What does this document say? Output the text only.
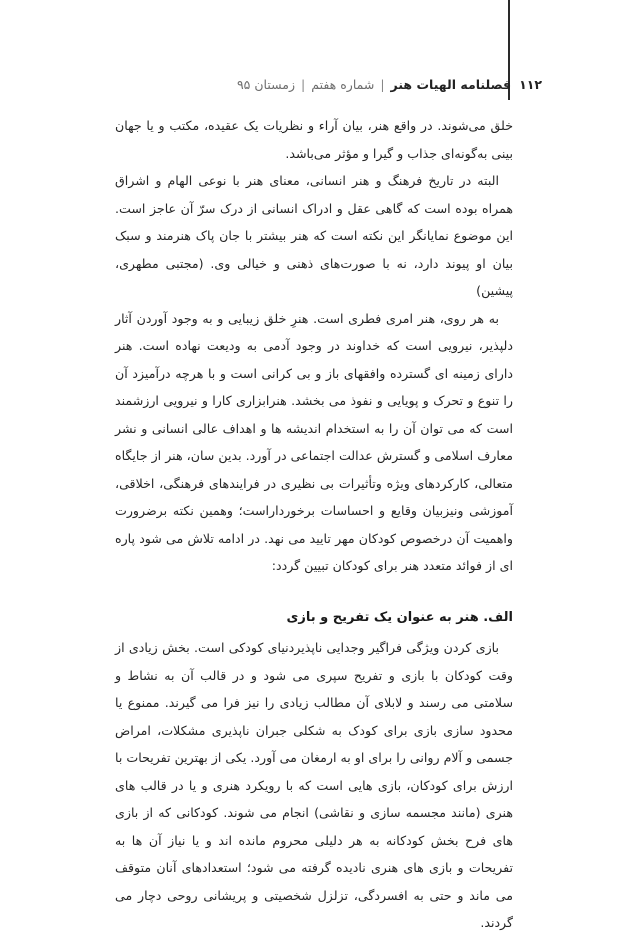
۱۱۲فصلنامه الهیات هنر|شماره هفتم|زمستان ۹۵

خلق می‌شوند. در واقع هنر، بیان آراء و نظریات یک عقیده، مکتب و یا جهان بینی به‌گونه‌ای جذاب و گیرا و مؤثر می‌باشد.

البته در تاریخ فرهنگ و هنر انسانی، معنای هنر با نوعی الهام و اشراق همراه بوده است که گاهی عقل و ادراک انسانی از درک سرّ آن عاجز است. این موضوع نمایانگر این نکته است که هنر بیشتر با جان پاک هنرمند و سبک بیان او پیوند دارد، نه با صورت‌های ذهنی و خیالی وی. (مجتبی مطهری، پیشین)

به هر روی، هنر امری فطری است. هنرِ خلق زیبایی و به وجود آوردن آثار دلپذیر، نیرویی است که خداوند در وجود آدمی به ودیعت نهاده است. هنر دارای زمینه ای گسترده وافقهای باز و بی کرانی است و با هرچه درآمیزد آن را تنوع و تحرک و پویایی و نفوذ می بخشد. هنرابزاری کارا و نیرویی ارزشمند است که می توان آن را به استخدام اندیشه ها و اهداف عالی انسانی و نشر معارف اسلامی و گسترش عدالت اجتماعی در آورد. بدین سان، هنر از جایگاه متعالی، کارکردهای ویژه وتأثیرات بی نظیری در فرایندهای فرهنگی، اخلاقی، آموزشی ونیزبیان وقایع و احساسات برخورداراست؛ وهمین نکته برضرورت واهمیت آن درخصوص کودکان مهر تایید می نهد. در ادامه تلاش می شود پاره ای از فوائد متعدد هنر برای کودکان تبیین گردد:

الف. هنر به عنوان یک تفریح و بازی

بازی کردن ویژگی فراگیر وجدایی ناپذیردنیای کودکی است. بخش زیادی از وقت کودکان با بازی و تفریح سپری می شود و در قالب آن به نشاط و سلامتی می رسند و لابلای آن مطالب زیادی را نیز فرا می گیرند. ممنوع یا محدود سازی بازی برای کودک به شکلی جبران ناپذیری مشکلات، امراض جسمی و آلام روانی را برای او به ارمغان می آورد. یکی از بهترین تفریحات با ارزش برای کودکان، بازی هایی است که با رویکرد هنری و یا در قالب های هنری (مانند مجسمه سازی و نقاشی) انجام می شوند. کودکانی که از بازی های فرح بخش کودکانه به هر دلیلی محروم مانده اند و یا نیاز آن ها به تفریحات و بازی های هنری نادیده گرفته می شود؛ استعدادهای آنان متوقف می ماند و حتی به افسردگی، تزلزل شخصیتی و پریشانی روحی دچار می گردند.
